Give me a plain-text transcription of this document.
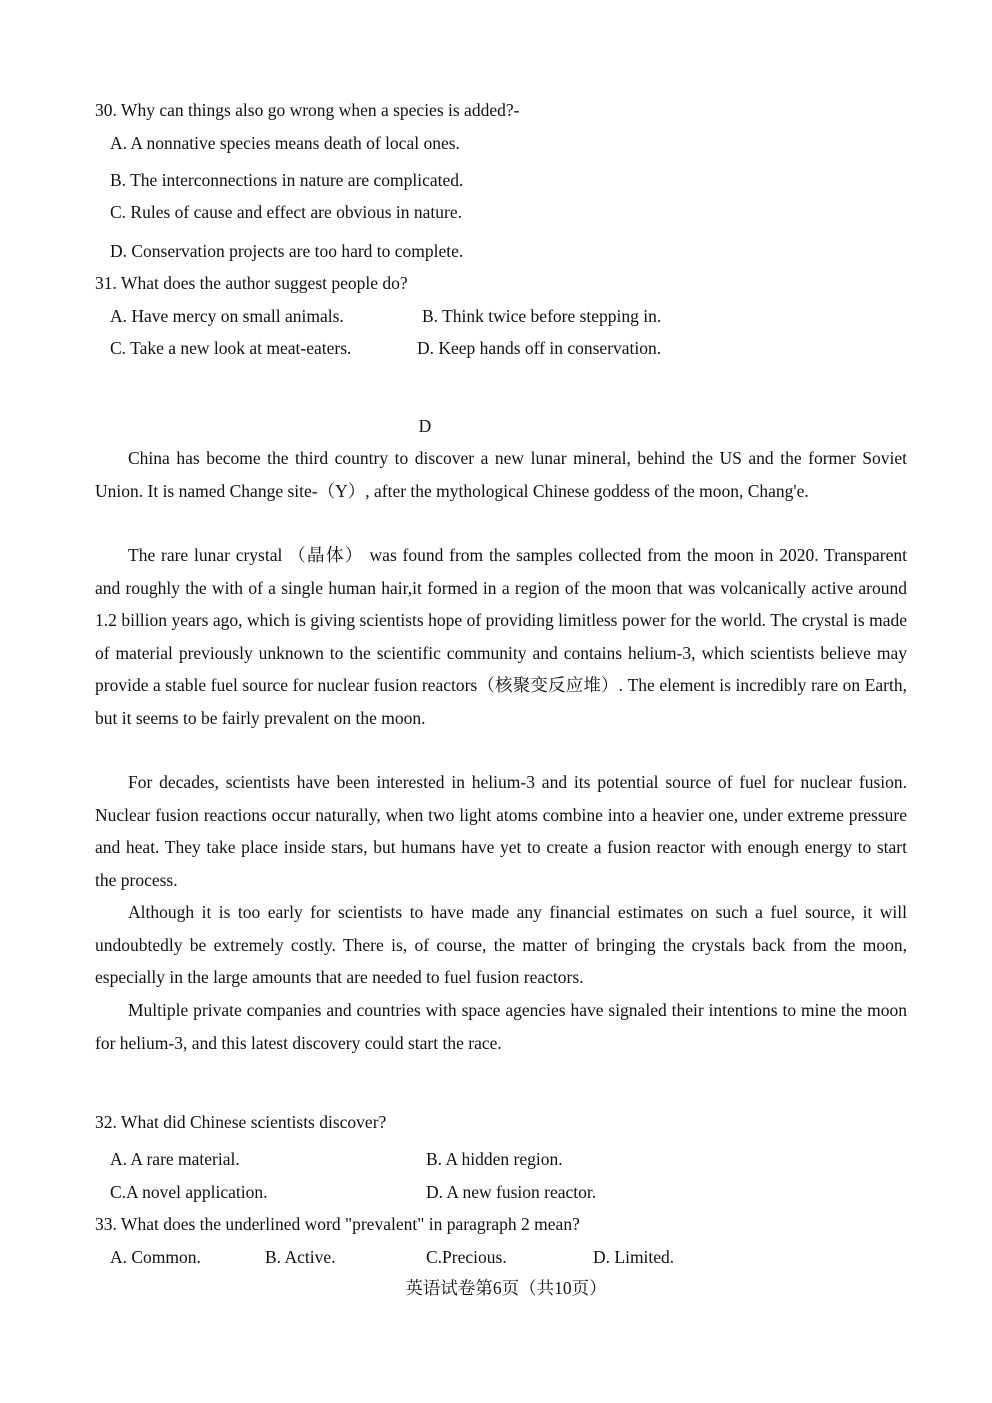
30. Why can things also go wrong when a species is added?-
A. A nonnative species means death of local ones.
B. The interconnections in nature are complicated.
C. Rules of cause and effect are obvious in nature.
D. Conservation projects are too hard to complete.
31. What does the author suggest people do?
A. Have mercy on small animals.	B. Think twice before stepping in.
C. Take a new look at meat-eaters.	D. Keep hands off in conservation.
D
China has become the third country to discover a new lunar mineral, behind the US and the former Soviet Union. It is named Change site-（Y）, after the mythological Chinese goddess of the moon, Chang'e.
The rare lunar crystal （晶体） was found from the samples collected from the moon in 2020. Transparent and roughly the with of a single human hair,it formed in a region of the moon that was volcanically active around 1.2 billion years ago, which is giving scientists hope of providing limitless power for the world. The crystal is made of material previously unknown to the scientific community and contains helium-3, which scientists believe may provide a stable fuel source for nuclear fusion reactors（核聚变反应堆）. The element is incredibly rare on Earth, but it seems to be fairly prevalent on the moon.
For decades, scientists have been interested in helium-3 and its potential source of fuel for nuclear fusion. Nuclear fusion reactions occur naturally, when two light atoms combine into a heavier one, under extreme pressure and heat. They take place inside stars, but humans have yet to create a fusion reactor with enough energy to start the process.
Although it is too early for scientists to have made any financial estimates on such a fuel source, it will undoubtedly be extremely costly. There is, of course, the matter of bringing the crystals back from the moon, especially in the large amounts that are needed to fuel fusion reactors.
Multiple private companies and countries with space agencies have signaled their intentions to mine the moon for helium-3, and this latest discovery could start the race.
32. What did Chinese scientists discover?
A. A rare material.	B. A hidden region.
C.A novel application.	D. A new fusion reactor.
33. What does the underlined word "prevalent" in paragraph 2 mean?
A. Common.	B. Active.	C.Precious.	D. Limited.
英语试卷第6页（共10页）
